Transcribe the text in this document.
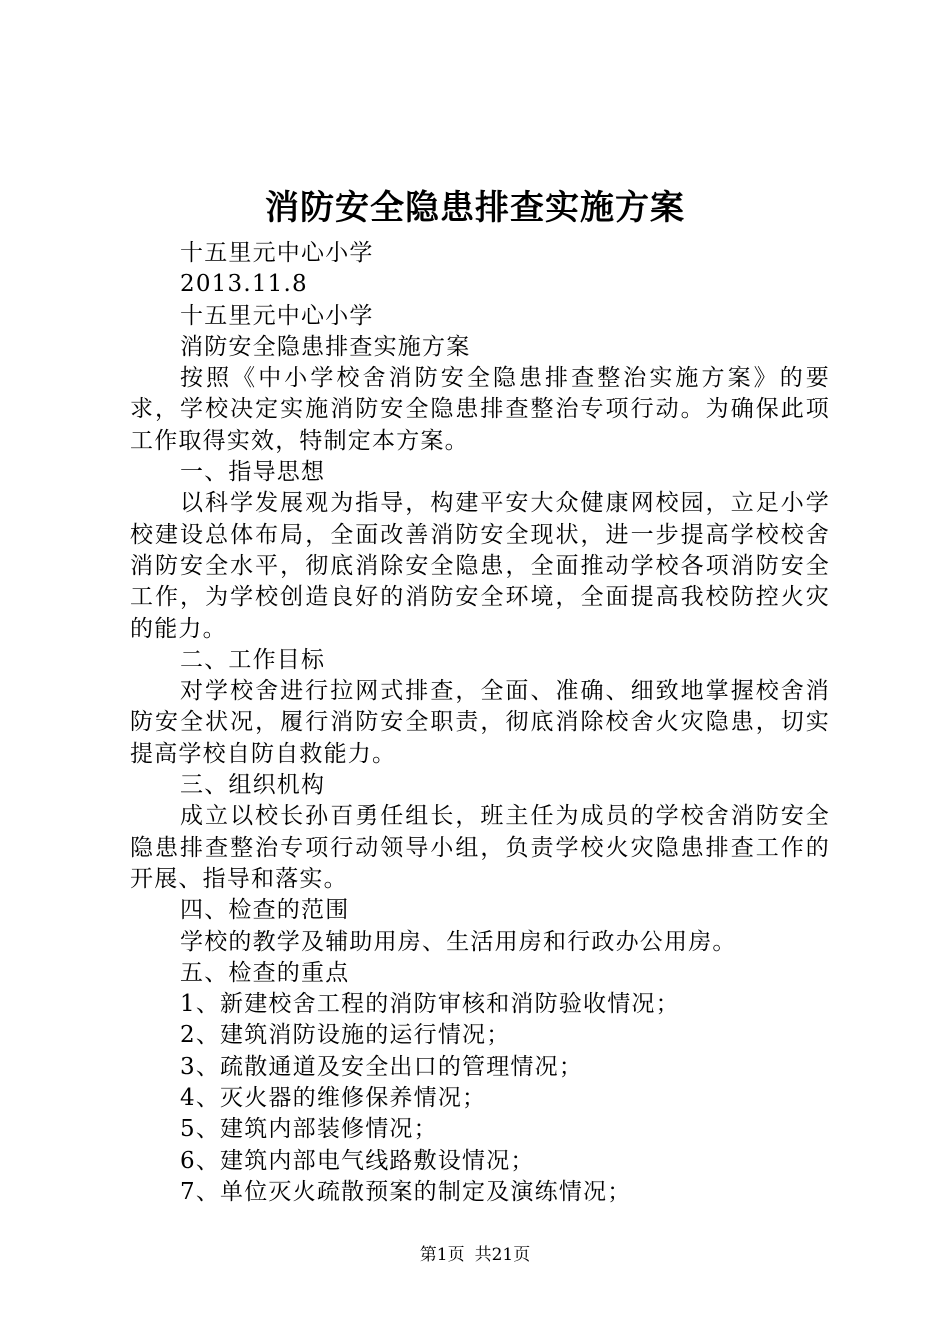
消防安全隐患排查实施方案
十五里元中心小学
2013.11.8
十五里元中心小学
消防安全隐患排查实施方案
按照《中小学校舍消防安全隐患排查整治实施方案》的要求，学校决定实施消防安全隐患排查整治专项行动。为确保此项工作取得实效，特制定本方案。
一、指导思想
以科学发展观为指导，构建平安大众健康网校园，立足小学校建设总体布局，全面改善消防安全现状，进一步提高学校校舍消防安全水平，彻底消除安全隐患，全面推动学校各项消防安全工作，为学校创造良好的消防安全环境，全面提高我校防控火灾的能力。
二、工作目标
对学校舍进行拉网式排查，全面、准确、细致地掌握校舍消防安全状况，履行消防安全职责，彻底消除校舍火灾隐患，切实提高学校自防自救能力。
三、组织机构
成立以校长孙百勇任组长，班主任为成员的学校舍消防安全隐患排查整治专项行动领导小组，负责学校火灾隐患排查工作的开展、指导和落实。
四、检查的范围
学校的教学及辅助用房、生活用房和行政办公用房。
五、检查的重点
1、新建校舍工程的消防审核和消防验收情况；
2、建筑消防设施的运行情况；
3、疏散通道及安全出口的管理情况；
4、灭火器的维修保养情况；
5、建筑内部装修情况；
6、建筑内部电气线路敷设情况；
7、单位灭火疏散预案的制定及演练情况；
第1页 共21页
